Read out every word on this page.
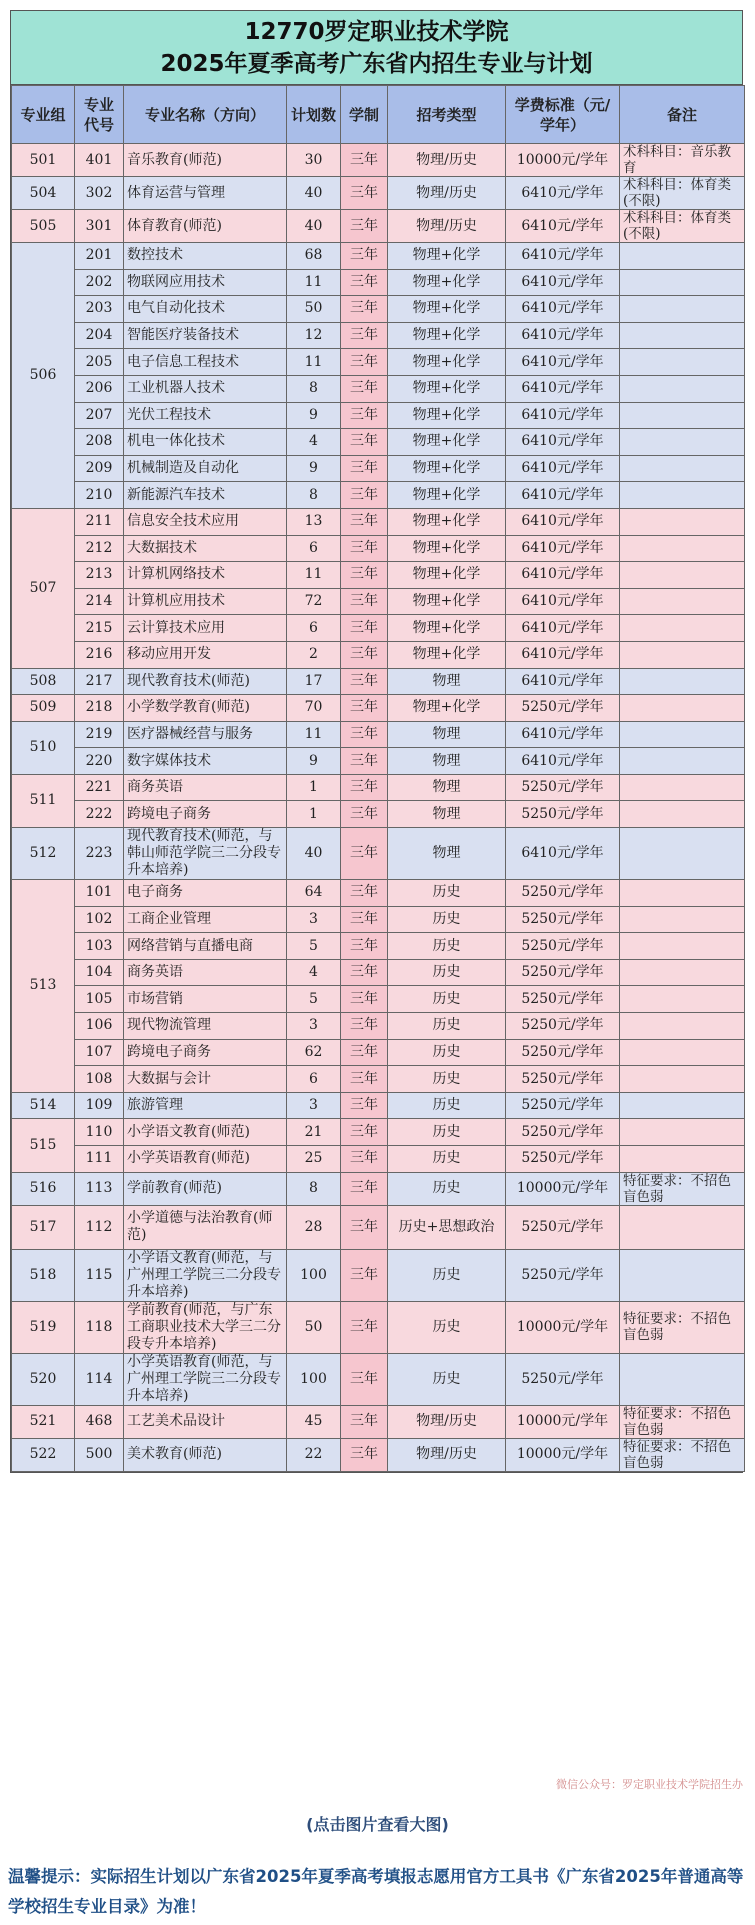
12770罗定职业技术学院
2025年夏季高考广东省内招生专业与计划
专业组	专业代号	专业名称（方向）	计划数	学制	招考类型	学费标准（元/学年）	备注
501	401	音乐教育(师范)	30	三年	物理/历史	10000元/学年	术科科目：音乐教育
504	302	体育运营与管理	40	三年	物理/历史	6410元/学年	术科科目：体育类(不限)
505	301	体育教育(师范)	40	三年	物理/历史	6410元/学年	术科科目：体育类(不限)
506	201	数控技术	68	三年	物理+化学	6410元/学年	
	202	物联网应用技术	11	三年	物理+化学	6410元/学年	
	203	电气自动化技术	50	三年	物理+化学	6410元/学年	
	204	智能医疗装备技术	12	三年	物理+化学	6410元/学年	
	205	电子信息工程技术	11	三年	物理+化学	6410元/学年	
	206	工业机器人技术	8	三年	物理+化学	6410元/学年	
	207	光伏工程技术	9	三年	物理+化学	6410元/学年	
	208	机电一体化技术	4	三年	物理+化学	6410元/学年	
	209	机械制造及自动化	9	三年	物理+化学	6410元/学年	
	210	新能源汽车技术	8	三年	物理+化学	6410元/学年	
507	211	信息安全技术应用	13	三年	物理+化学	6410元/学年	
	212	大数据技术	6	三年	物理+化学	6410元/学年	
	213	计算机网络技术	11	三年	物理+化学	6410元/学年	
	214	计算机应用技术	72	三年	物理+化学	6410元/学年	
	215	云计算技术应用	6	三年	物理+化学	6410元/学年	
	216	移动应用开发	2	三年	物理+化学	6410元/学年	
508	217	现代教育技术(师范)	17	三年	物理	6410元/学年	
509	218	小学数学教育(师范)	70	三年	物理+化学	5250元/学年	
510	219	医疗器械经营与服务	11	三年	物理	6410元/学年	
	220	数字媒体技术	9	三年	物理	6410元/学年	
511	221	商务英语	1	三年	物理	5250元/学年	
	222	跨境电子商务	1	三年	物理	5250元/学年	
512	223	现代教育技术(师范，与韩山师范学院三二分段专升本培养)	40	三年	物理	6410元/学年	
513	101	电子商务	64	三年	历史	5250元/学年	
	102	工商企业管理	3	三年	历史	5250元/学年	
	103	网络营销与直播电商	5	三年	历史	5250元/学年	
	104	商务英语	4	三年	历史	5250元/学年	
	105	市场营销	5	三年	历史	5250元/学年	
	106	现代物流管理	3	三年	历史	5250元/学年	
	107	跨境电子商务	62	三年	历史	5250元/学年	
	108	大数据与会计	6	三年	历史	5250元/学年	
514	109	旅游管理	3	三年	历史	5250元/学年	
515	110	小学语文教育(师范)	21	三年	历史	5250元/学年	
	111	小学英语教育(师范)	25	三年	历史	5250元/学年	
516	113	学前教育(师范)	8	三年	历史	10000元/学年	特征要求：不招色盲色弱
517	112	小学道德与法治教育(师范)	28	三年	历史+思想政治	5250元/学年	
518	115	小学语文教育(师范，与广州理工学院三二分段专升本培养)	100	三年	历史	5250元/学年	
519	118	学前教育(师范，与广东工商职业技术大学三二分段专升本培养)	50	三年	历史	10000元/学年	特征要求：不招色盲色弱
520	114	小学英语教育(师范，与广州理工学院三二分段专升本培养)	100	三年	历史	5250元/学年	
521	468	工艺美术品设计	45	三年	物理/历史	10000元/学年	特征要求：不招色盲色弱
522	500	美术教育(师范)	22	三年	物理/历史	10000元/学年	特征要求：不招色盲色弱
微信公众号：罗定职业技术学院招生办
(点击图片查看大图)
温馨提示：实际招生计划以广东省2025年夏季高考填报志愿用官方工具书《广东省2025年普通高等学校招生专业目录》为准！
